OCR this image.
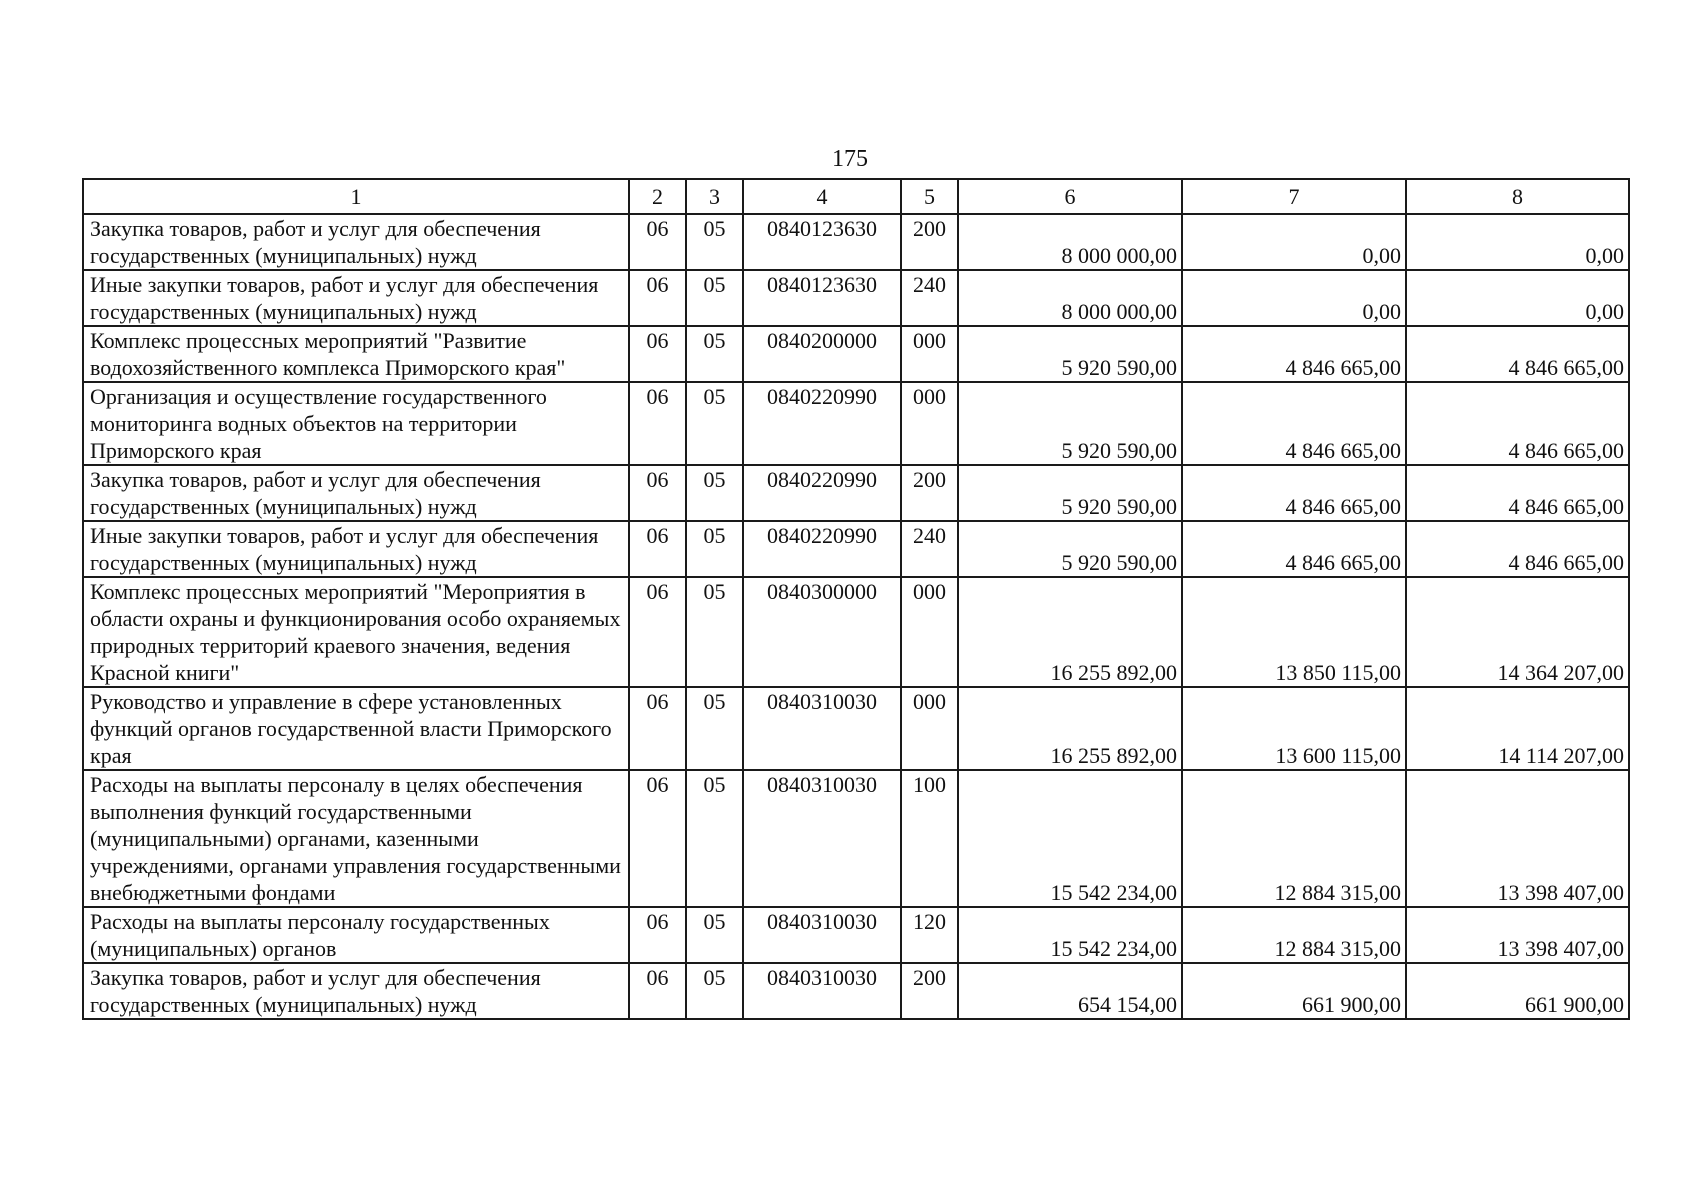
175
1	2	3	4	5	6	7	8
Закупка товаров, работ и услуг для обеспечения государственных (муниципальных) нужд	06	05	0840123630	200	8 000 000,00	0,00	0,00
Иные закупки товаров, работ и услуг для обеспечения государственных (муниципальных) нужд	06	05	0840123630	240	8 000 000,00	0,00	0,00
Комплекс процессных мероприятий "Развитие водохозяйственного комплекса Приморского края"	06	05	0840200000	000	5 920 590,00	4 846 665,00	4 846 665,00
Организация и осуществление государственного мониторинга водных объектов на территории Приморского края	06	05	0840220990	000	5 920 590,00	4 846 665,00	4 846 665,00
Закупка товаров, работ и услуг для обеспечения государственных (муниципальных) нужд	06	05	0840220990	200	5 920 590,00	4 846 665,00	4 846 665,00
Иные закупки товаров, работ и услуг для обеспечения государственных (муниципальных) нужд	06	05	0840220990	240	5 920 590,00	4 846 665,00	4 846 665,00
Комплекс процессных мероприятий "Мероприятия в области охраны и функционирования особо охраняемых природных территорий краевого значения, ведения Красной книги"	06	05	0840300000	000	16 255 892,00	13 850 115,00	14 364 207,00
Руководство и управление в сфере установленных функций органов государственной власти Приморского края	06	05	0840310030	000	16 255 892,00	13 600 115,00	14 114 207,00
Расходы на выплаты персоналу в целях обеспечения выполнения функций государственными (муниципальными) органами, казенными учреждениями, органами управления государственными внебюджетными фондами	06	05	0840310030	100	15 542 234,00	12 884 315,00	13 398 407,00
Расходы на выплаты персоналу государственных (муниципальных) органов	06	05	0840310030	120	15 542 234,00	12 884 315,00	13 398 407,00
Закупка товаров, работ и услуг для обеспечения государственных (муниципальных) нужд	06	05	0840310030	200	654 154,00	661 900,00	661 900,00
